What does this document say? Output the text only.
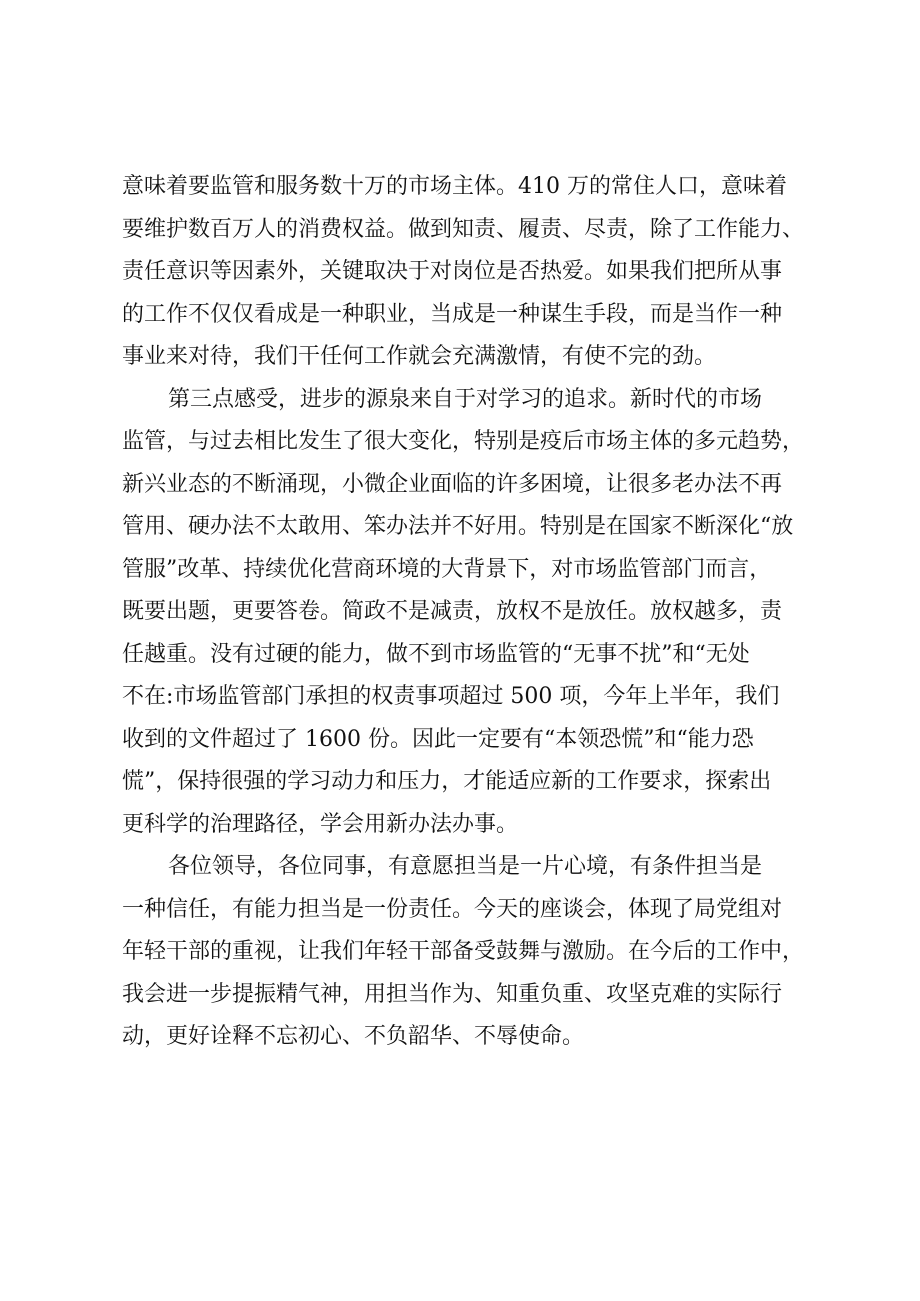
意味着要监管和服务数十万的市场主体。410 万的常住人口，意味着
要维护数百万人的消费权益。做到知责、履责、尽责，除了工作能力、
责任意识等因素外，关键取决于对岗位是否热爱。如果我们把所从事
的工作不仅仅看成是一种职业，当成是一种谋生手段，而是当作一种
事业来对待，我们干任何工作就会充满激情，有使不完的劲。
第三点感受，进步的源泉来自于对学习的追求。新时代的市场
监管，与过去相比发生了很大变化，特别是疫后市场主体的多元趋势，
新兴业态的不断涌现，小微企业面临的许多困境，让很多老办法不再
管用、硬办法不太敢用、笨办法并不好用。特别是在国家不断深化“放
管服”改革、持续优化营商环境的大背景下，对市场监管部门而言，
既要出题，更要答卷。简政不是减责，放权不是放任。放权越多，责
任越重。没有过硬的能力，做不到市场监管的“无事不扰”和“无处
不在:市场监管部门承担的权责事项超过 500 项，今年上半年，我们
收到的文件超过了 1600 份。因此一定要有“本领恐慌”和“能力恐
慌”，保持很强的学习动力和压力，才能适应新的工作要求，探索出
更科学的治理路径，学会用新办法办事。
各位领导，各位同事，有意愿担当是一片心境，有条件担当是
一种信任，有能力担当是一份责任。今天的座谈会，体现了局党组对
年轻干部的重视，让我们年轻干部备受鼓舞与激励。在今后的工作中，
我会进一步提振精气神，用担当作为、知重负重、攻坚克难的实际行
动，更好诠释不忘初心、不负韶华、不辱使命。
